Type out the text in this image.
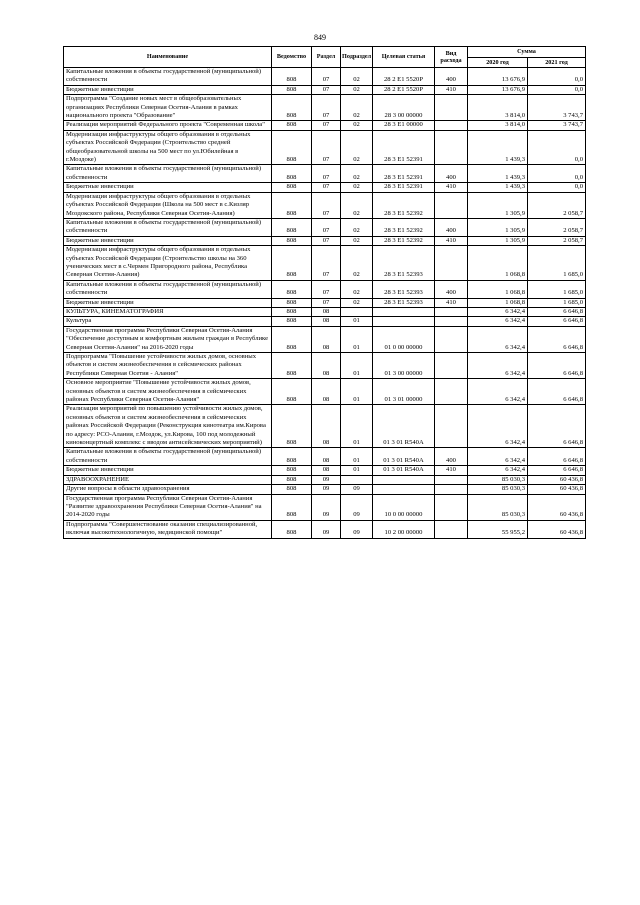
849
Наименование	Ведомство	Раздел	Подраздел	Целевая статья	Вид расхода	Сумма	
						2020 год	2021 год
Капитальные вложения в объекты государственной (муниципальной) собственности	808	07	02	28 2 Е1 5520Р	400	13 676,9	0,0
Бюджетные инвестиции	808	07	02	28 2 Е1 5520Р	410	13 676,9	0,0
Подпрограмма "Создание новых мест в общеобразовательных организациях Республики Северная Осетия-Алания в рамках национального проекта "Образование"	808	07	02	28 3 00 00000		3 814,0	3 743,7
Реализация мероприятий Федерального проекта "Современная школа"	808	07	02	28 3 Е1 00000		3 814,0	3 743,7
Модернизация инфраструктуры общего образования в отдельных субъектах Российской Федерации (Строительство средней общеобразовательной школы на 500 мест по ул.Юбилейная в г.Моздоке)	808	07	02	28 3 Е1 52391		1 439,3	0,0
Капитальные вложения в объекты государственной (муниципальной) собственности	808	07	02	28 3 Е1 52391	400	1 439,3	0,0
Бюджетные инвестиции	808	07	02	28 3 Е1 52391	410	1 439,3	0,0
Модернизация инфраструктуры общего образования в отдельных субъектах Российской Федерации (Школа на 500 мест в с.Кизляр Моздокского района, Республики Северная Осетия-Алания)	808	07	02	28 3 Е1 52392		1 305,9	2 058,7
Капитальные вложения в объекты государственной (муниципальной) собственности	808	07	02	28 3 Е1 52392	400	1 305,9	2 058,7
Бюджетные инвестиции	808	07	02	28 3 Е1 52392	410	1 305,9	2 058,7
Модернизация инфраструктуры общего образования в отдельных субъектах Российской Федерации (Строительство школы на 360 ученических мест в с.Чермен Пригородного района, Республика Северная Осетия-Алания)	808	07	02	28 3 Е1 52393		1 068,8	1 685,0
Капитальные вложения в объекты государственной (муниципальной) собственности	808	07	02	28 3 Е1 52393	400	1 068,8	1 685,0
Бюджетные инвестиции	808	07	02	28 3 Е1 52393	410	1 068,8	1 685,0
КУЛЬТУРА, КИНЕМАТОГРАФИЯ	808	08				6 342,4	6 646,8
Культура	808	08	01			6 342,4	6 646,8
Государственная программа Республики Северная Осетия-Алания "Обеспечение доступным и комфортным жильем граждан в Республике Северная Осетия-Алания" на 2016-2020 годы	808	08	01	01 0 00 00000		6 342,4	6 646,8
Подпрограмма "Повышение устойчивости жилых домов, основных объектов и систем жизнеобеспечения в сейсмических районах Республики Северная Осетия - Алания"	808	08	01	01 3 00 00000		6 342,4	6 646,8
Основное мероприятие "Повышение устойчивости жилых домов, основных объектов и систем жизнеобеспечения в сейсмических районах Республики Северная Осетия-Алания"	808	08	01	01 3 01 00000		6 342,4	6 646,8
Реализация мероприятий по повышению устойчивости жилых домов, основных объектов и систем жизнеобеспечения в сейсмических районах Российской Федерации (Реконструкция кинотеатра им.Кирова по адресу: РСО-Алания, г.Моздок, ул.Кирова, 100 под молодежный киноконцертный комплекс с вводом антисейсмических мероприятий)	808	08	01	01 3 01 R540А		6 342,4	6 646,8
Капитальные вложения в объекты государственной (муниципальной) собственности	808	08	01	01 3 01 R540А	400	6 342,4	6 646,8
Бюджетные инвестиции	808	08	01	01 3 01 R540А	410	6 342,4	6 646,8
ЗДРАВООХРАНЕНИЕ	808	09				85 030,3	60 436,8
Другие вопросы в области здравоохранения	808	09	09			85 030,3	60 436,8
Государственная программа Республики Северная Осетия-Алания "Развитие здравоохранения Республики Северная Осетия-Алания" на 2014-2020 годы	808	09	09	10 0 00 00000		85 030,3	60 436,8
Подпрограмма "Совершенствование оказания специализированной, включая высокотехнологичную, медицинской помощи"	808	09	09	10 2 00 00000		55 955,2	60 436,8
